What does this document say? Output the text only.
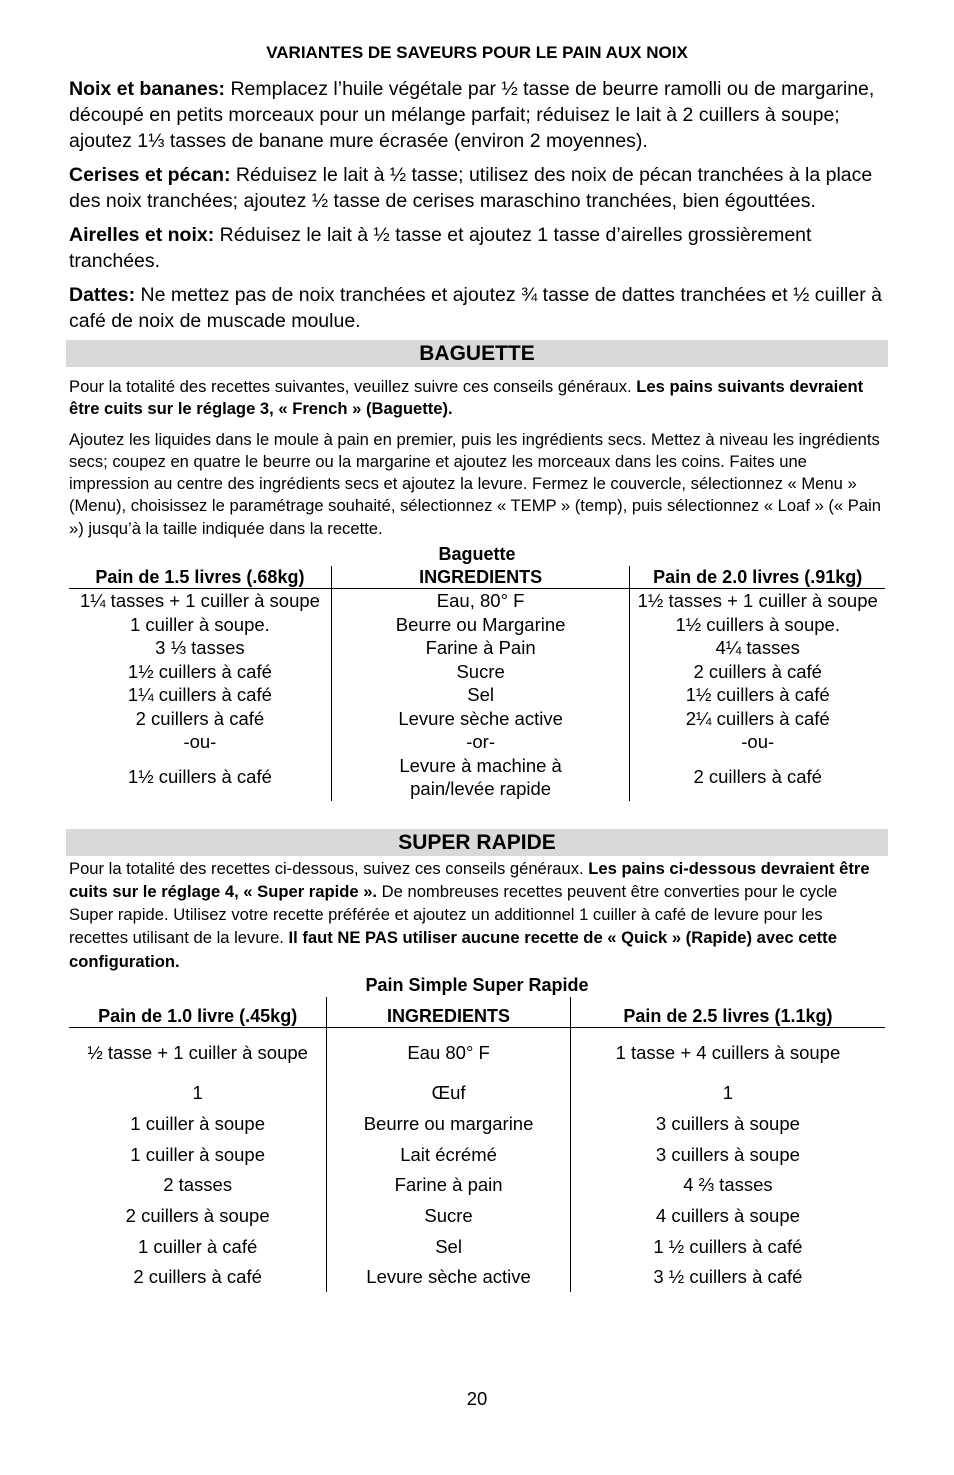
VARIANTES DE SAVEURS POUR LE PAIN AUX NOIX

Noix et bananes: Remplacez l’huile végétale par ½ tasse de beurre ramolli ou de margarine, découpé en petits morceaux pour un mélange parfait; réduisez le lait à 2 cuillers à soupe; ajoutez 1⅓ tasses de banane mure écrasée (environ 2 moyennes).

Cerises et pécan: Réduisez le lait à ½ tasse; utilisez des noix de pécan tranchées à la place des noix tranchées; ajoutez ½ tasse de cerises maraschino tranchées, bien égouttées.

Airelles et noix: Réduisez le lait à ½ tasse et ajoutez 1 tasse d’airelles grossièrement tranchées.

Dattes: Ne mettez pas de noix tranchées et ajoutez ¾ tasse de dattes tranchées et ½ cuiller à café de noix de muscade moulue.

BAGUETTE

Pour la totalité des recettes suivantes, veuillez suivre ces conseils généraux. Les pains suivants devraient être cuits sur le réglage 3, « French » (Baguette).

Ajoutez les liquides dans le moule à pain en premier, puis les ingrédients secs. Mettez à niveau les ingrédients secs; coupez en quatre le beurre ou la margarine et ajoutez les morceaux dans les coins. Faites une impression au centre des ingrédients secs et ajoutez la levure. Fermez le couvercle, sélectionnez « Menu » (Menu), choisissez le paramétrage souhaité, sélectionnez « TEMP » (temp), puis sélectionnez « Loaf » (« Pain ») jusqu’à la taille indiquée dans la recette.

Baguette
Pain de 1.5 livres (.68kg)	INGREDIENTS	Pain de 2.0 livres (.91kg)
1¼ tasses + 1 cuiller à soupe	Eau, 80° F	1½ tasses + 1 cuiller à soupe
1 cuiller à soupe.	Beurre ou Margarine	1½ cuillers à soupe.
3 ⅓ tasses	Farine à Pain	4¼ tasses
1½ cuillers à café	Sucre	2 cuillers à café
1¼ cuillers à café	Sel	1½ cuillers à café
2 cuillers à café	Levure sèche active	2¼ cuillers à café
-ou-	-or-	-ou-
1½ cuillers à café	Levure à machine à pain/levée rapide	2 cuillers à café
SUPER RAPIDE

Pour la totalité des recettes ci-dessous, suivez ces conseils généraux. Les pains ci-dessous devraient être cuits sur le réglage 4, « Super rapide ». De nombreuses recettes peuvent être converties pour le cycle Super rapide. Utilisez votre recette préférée et ajoutez un additionnel 1 cuiller à café de levure pour les recettes utilisant de la levure. Il faut NE PAS utiliser aucune recette de « Quick » (Rapide) avec cette configuration.

Pain Simple Super Rapide
Pain de 1.0 livre (.45kg)	INGREDIENTS	Pain de 2.5 livres (1.1kg)
½ tasse + 1 cuiller à soupe	Eau 80° F	1 tasse + 4 cuillers à soupe
1	Œuf	1
1 cuiller à soupe	Beurre ou margarine	3 cuillers à soupe
1 cuiller à soupe	Lait écrémé	3 cuillers à soupe
2 tasses	Farine à pain	4 ⅔ tasses
2 cuillers à soupe	Sucre	4 cuillers à soupe
1 cuiller à café	Sel	1 ½ cuillers à café
2 cuillers à café	Levure sèche active	3 ½ cuillers à café
20
